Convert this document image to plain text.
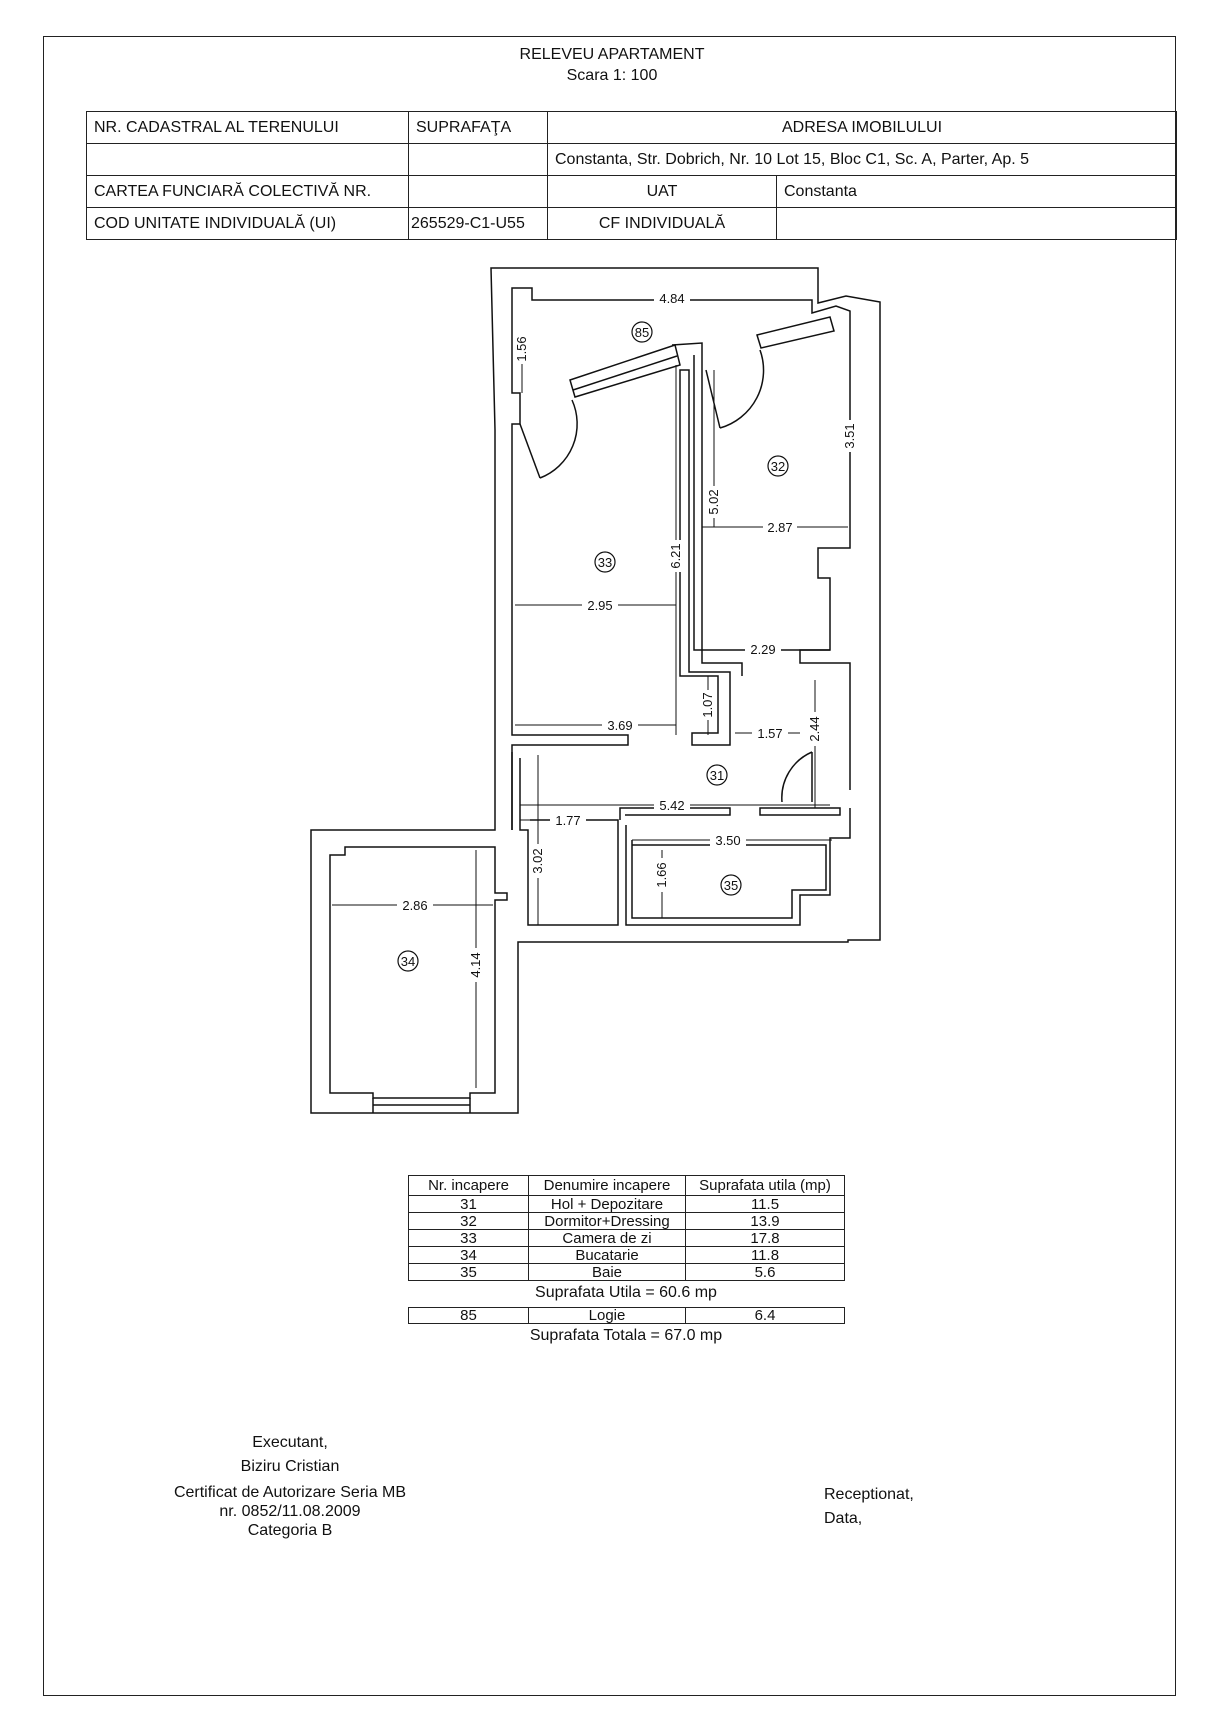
RELEVEU APARTAMENT
Scara 1: 100
NR. CADASTRAL AL TERENULUI	SUPRAFAŢA	ADRESA IMOBILULUI	
		Constanta, Str. Dobrich, Nr. 10 Lot 15, Bloc C1, Sc. A, Parter, Ap. 5	
CARTEA FUNCIARĂ COLECTIVĂ NR.		UAT	Constanta
COD UNITATE INDIVIDUALĂ (UI)	265529-C1-U55	CF INDIVIDUALĂ	
85
32
33
31
35
34
4.84
1.56
3.51
5.02
2.87
6.21
2.95
2.29
1.07
3.69
1.57 2.44
5.42
1.77
3.50
3.02
1.66
2.86
4.14
Nr. incapere	Denumire incapere	Suprafata utila (mp)
31	Hol + Depozitare	11.5
32	Dormitor+Dressing	13.9
33	Camera de zi	17.8
34	Bucatarie	11.8
35	Baie	5.6
Suprafata Utila = 60.6 mp
85	Logie	6.4
Suprafata Totala = 67.0 mp
Executant,
Biziru Cristian
Certificat de Autorizare Seria MB
nr. 0852/11.08.2009
Categoria B
Receptionat,
Data,
